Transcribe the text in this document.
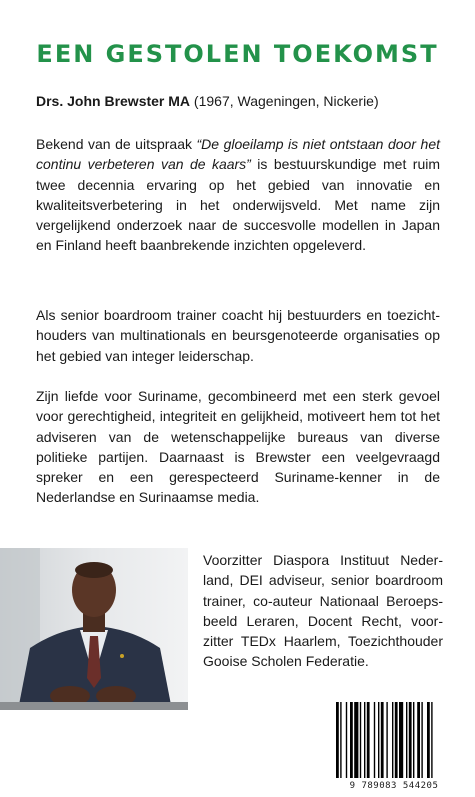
EEN GESTOLEN TOEKOMST
Drs. John Brewster MA (1967, Wageningen, Nickerie)

Bekend van de uitspraak “De gloeilamp is niet ontstaan door het continu verbeteren van de kaars” is bestuurskundige met ruim twee decennia ervaring op het gebied van innovatie en kwaliteitsverbetering in het onderwijsveld. Met name zijn vergelijkend onderzoek naar de succesvolle modellen in Japan en Finland heeft baanbrekende inzichten opgeleverd.

Als senior boardroom trainer coacht hij bestuurders en toezichthouders van multinationals en beursgenoteerde organisaties op het gebied van integer leiderschap.

Zijn liefde voor Suriname, gecombineerd met een sterk gevoel voor gerechtigheid, integriteit en gelijkheid, motiveert hem tot het adviseren van de wetenschappelijke bureaus van diverse politieke partijen. Daarnaast is Brewster een veelgevraagd spreker en een gerespecteerd Suriname-kenner in de Nederlandse en Surinaamse media.

Voorzitter Diaspora Instituut Nederland, DEI adviseur, senior boardroom trainer, co-auteur Nationaal Beroepsbeeld Leraren, Docent Recht, voorzitter TEDx Haarlem, Toezichthouder Gooise Scholen Federatie.

9 789083 544205
